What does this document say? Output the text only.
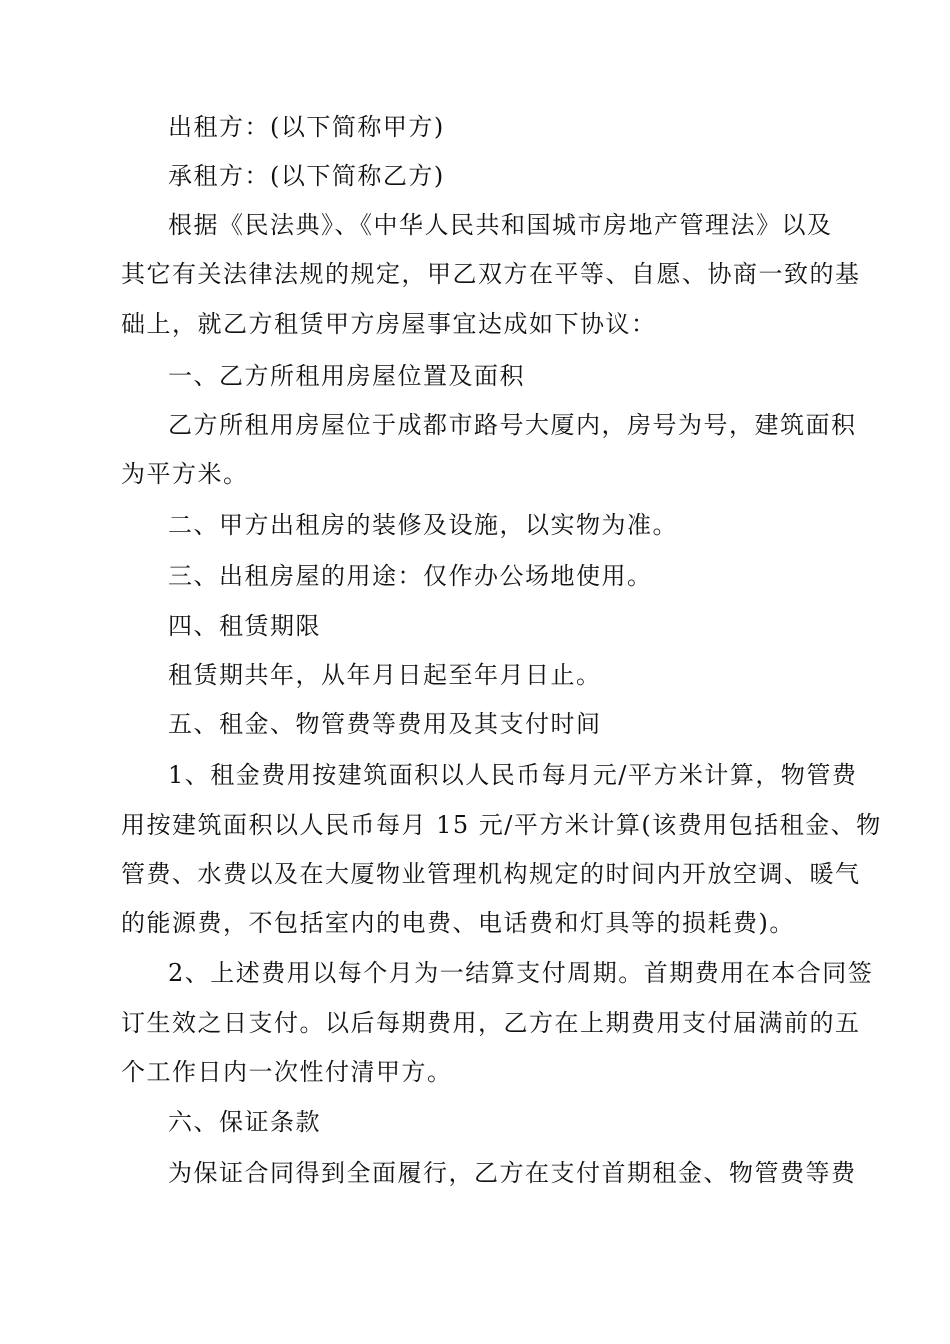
出租方：(以下简称甲方)
承租方：(以下简称乙方)
根据《民法典》、《中华人民共和国城市房地产管理法》以及
其它有关法律法规的规定，甲乙双方在平等、自愿、协商一致的基
础上，就乙方租赁甲方房屋事宜达成如下协议：
一、乙方所租用房屋位置及面积
乙方所租用房屋位于成都市路号大厦内，房号为号，建筑面积
为平方米。
二、甲方出租房的装修及设施，以实物为准。
三、出租房屋的用途：仅作办公场地使用。
四、租赁期限
租赁期共年，从年月日起至年月日止。
五、租金、物管费等费用及其支付时间
1、租金费用按建筑面积以人民币每月元/平方米计算，物管费
用按建筑面积以人民币每月 15 元/平方米计算(该费用包括租金、物
管费、水费以及在大厦物业管理机构规定的时间内开放空调、暖气
的能源费，不包括室内的电费、电话费和灯具等的损耗费)。
2、上述费用以每个月为一结算支付周期。首期费用在本合同签
订生效之日支付。以后每期费用，乙方在上期费用支付届满前的五
个工作日内一次性付清甲方。
六、保证条款
为保证合同得到全面履行，乙方在支付首期租金、物管费等费
